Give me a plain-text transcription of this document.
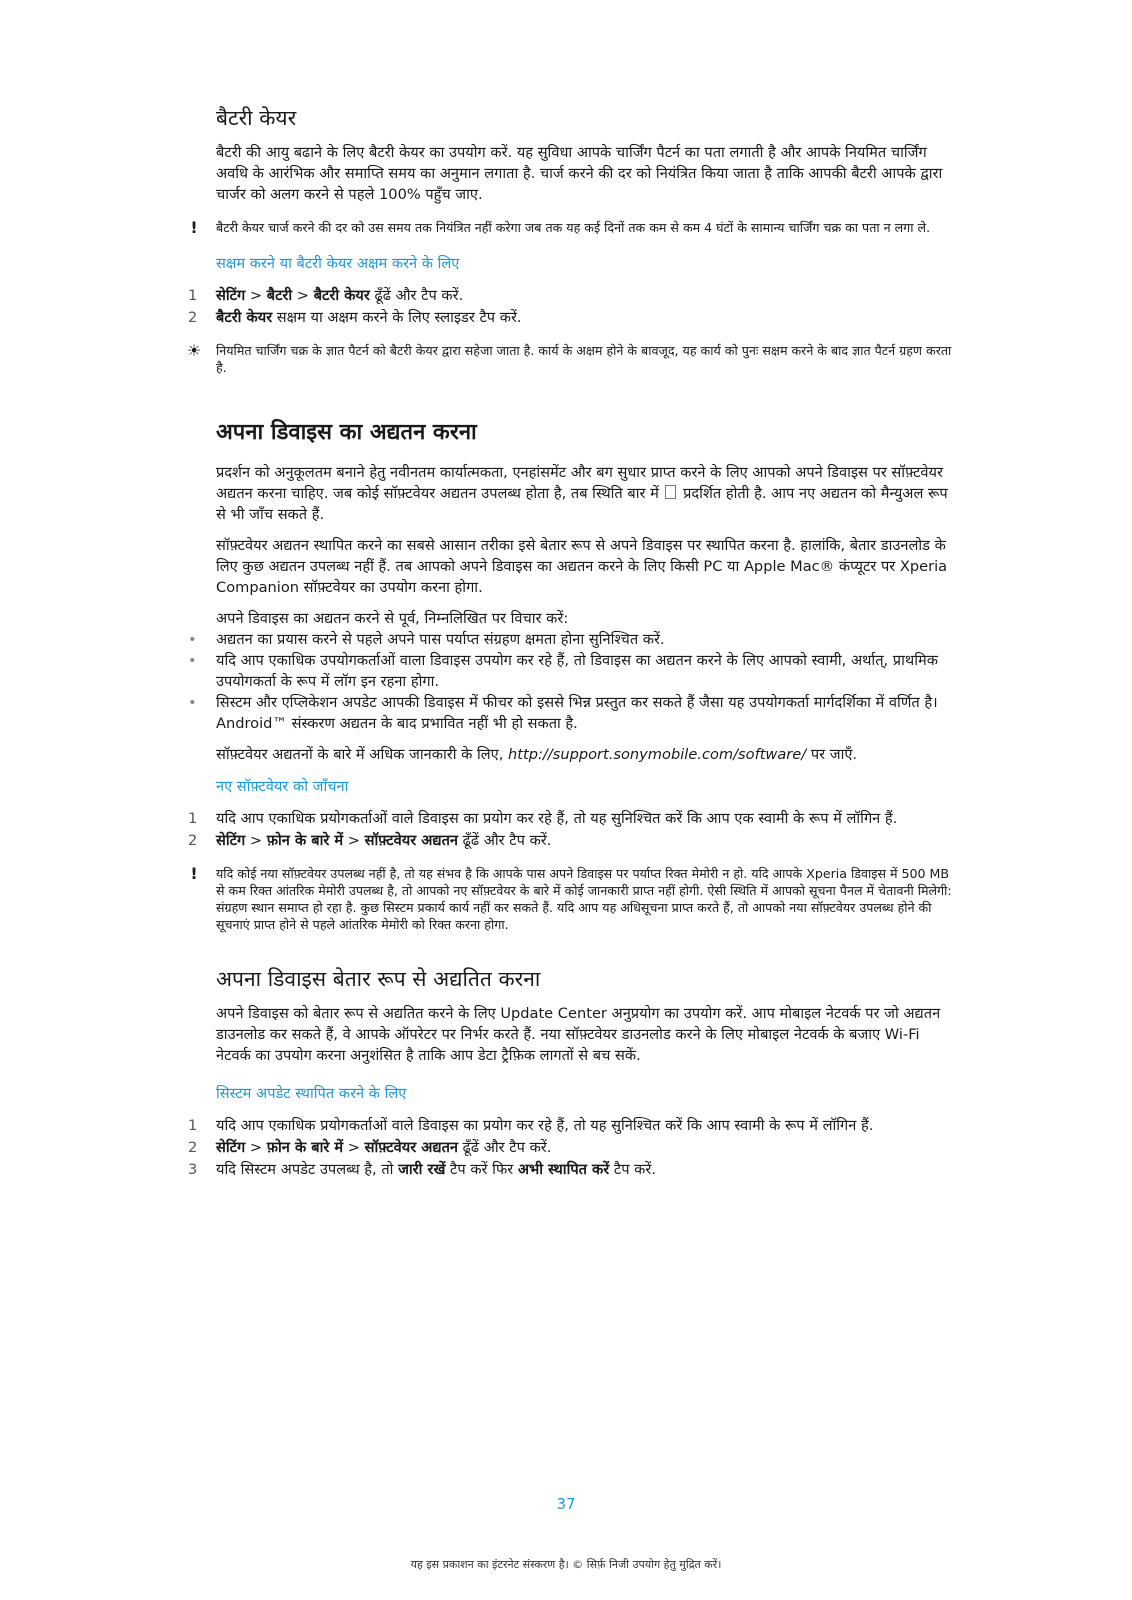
बैटरी केयर

बैटरी की आयु बढाने के लिए बैटरी केयर का उपयोग करें. यह सुविधा आपके चार्जिंग पैटर्न का पता लगाती है और आपके नियमित चार्जिंग अवधि के आरंभिक और समाप्ति समय का अनुमान लगाता है. चार्ज करने की दर को नियंत्रित किया जाता है ताकि आपकी बैटरी आपके द्वारा चार्जर को अलग करने से पहले 100% पहुँच जाए.

!	बैटरी केयर चार्ज करने की दर को उस समय तक नियंत्रित नहीं करेगा जब तक यह कई दिनों तक कम से कम 4 घंटों के सामान्य चार्जिंग चक्र का पता न लगा ले.
सक्षम करने या बैटरी केयर अक्षम करने के लिए
1	सेटिंग > बैटरी > बैटरी केयर ढूँढें और टैप करें.
2	बैटरी केयर सक्षम या अक्षम करने के लिए स्लाइडर टैप करें.
☀ नियमित चार्जिंग चक्र के ज्ञात पैटर्न को बैटरी केयर द्वारा सहेजा जाता है. कार्य के अक्षम होने के बावजूद, यह कार्य को पुनः सक्षम करने के बाद ज्ञात पैटर्न ग्रहण करता है.
अपना डिवाइस का अद्यतन करना

प्रदर्शन को अनुकूलतम बनाने हेतु नवीनतम कार्यात्मकता, एनहांसमेंट और बग सुधार प्राप्त करने के लिए आपको अपने डिवाइस पर सॉफ़्टवेयर अद्यतन करना चाहिए. जब कोई सॉफ़्टवेयर अद्यतन उपलब्ध होता है, तब स्थिति बार में प्रदर्शित होती है. आप नए अद्यतन को मैन्युअल रूप से भी जाँच सकते हैं.

सॉफ़्टवेयर अद्यतन स्थापित करने का सबसे आसान तरीका इसे बेतार रूप से अपने डिवाइस पर स्थापित करना है. हालांकि, बेतार डाउनलोड के लिए कुछ अद्यतन उपलब्ध नहीं हैं. तब आपको अपने डिवाइस का अद्यतन करने के लिए किसी PC या Apple Mac® कंप्यूटर पर Xperia Companion सॉफ़्टवेयर का उपयोग करना होगा.

अपने डिवाइस का अद्यतन करने से पूर्व, निम्नलिखित पर विचार करें:

• अद्यतन का प्रयास करने से पहले अपने पास पर्याप्त संग्रहण क्षमता होना सुनिश्चित करें.
• यदि आप एकाधिक उपयोगकर्ताओं वाला डिवाइस उपयोग कर रहे हैं, तो डिवाइस का अद्यतन करने के लिए आपको स्वामी, अर्थात्, प्राथमिक उपयोगकर्ता के रूप में लॉग इन रहना होगा.
• सिस्टम और एप्लिकेशन अपडेट आपकी डिवाइस में फीचर को इससे भिन्न प्रस्तुत कर सकते हैं जैसा यह उपयोगकर्ता मार्गदर्शिका में वर्णित है। Android™ संस्करण अद्यतन के बाद प्रभावित नहीं भी हो सकता है.

सॉफ़्टवेयर अद्यतनों के बारे में अधिक जानकारी के लिए, http://support.sonymobile.com/software/ पर जाएँ.

नए सॉफ़्टवेयर को जाँचना
1	यदि आप एकाधिक प्रयोगकर्ताओं वाले डिवाइस का प्रयोग कर रहे हैं, तो यह सुनिश्चित करें कि आप एक स्वामी के रूप में लॉगिन हैं.
2	सेटिंग > फ़ोन के बारे में > सॉफ़्टवेयर अद्यतन ढूँढें और टैप करें.
!	यदि कोई नया सॉफ़्टवेयर उपलब्ध नहीं है, तो यह संभव है कि आपके पास अपने डिवाइस पर पर्याप्त रिक्त मेमोरी न हो. यदि आपके Xperia डिवाइस में 500 MB से कम रिक्त आंतरिक मेमोरी उपलब्ध है, तो आपको नए सॉफ़्टवेयर के बारे में कोई जानकारी प्राप्त नहीं होगी. ऐसी स्थिति में आपको सूचना पैनल में चेतावनी मिलेगी: संग्रहण स्थान समाप्त हो रहा है. कुछ सिस्टम प्रकार्य कार्य नहीं कर सकते हैं. यदि आप यह अधिसूचना प्राप्त करते हैं, तो आपको नया सॉफ़्टवेयर उपलब्ध होने की सूचनाएं प्राप्त होने से पहले आंतरिक मेमोरी को रिक्त करना होगा.
अपना डिवाइस बेतार रूप से अद्यतित करना

अपने डिवाइस को बेतार रूप से अद्यतित करने के लिए Update Center अनुप्रयोग का उपयोग करें. आप मोबाइल नेटवर्क पर जो अद्यतन डाउनलोड कर सकते हैं, वे आपके ऑपरेटर पर निर्भर करते हैं. नया सॉफ़्टवेयर डाउनलोड करने के लिए मोबाइल नेटवर्क के बजाए Wi-Fi नेटवर्क का उपयोग करना अनुशंसित है ताकि आप डेटा ट्रैफ़िक लागतों से बच सकें.

सिस्टम अपडेट स्थापित करने के लिए
1	यदि आप एकाधिक प्रयोगकर्ताओं वाले डिवाइस का प्रयोग कर रहे हैं, तो यह सुनिश्चित करें कि आप स्वामी के रूप में लॉगिन हैं.
2	सेटिंग > फ़ोन के बारे में > सॉफ़्टवेयर अद्यतन ढूँढें और टैप करें.
3	यदि सिस्टम अपडेट उपलब्ध है, तो जारी रखें टैप करें फिर अभी स्थापित करें टैप करें.
37
यह इस प्रकाशन का इंटरनेट संस्करण है। © सिर्फ़ निजी उपयोग हेतु मुद्रित करें।
